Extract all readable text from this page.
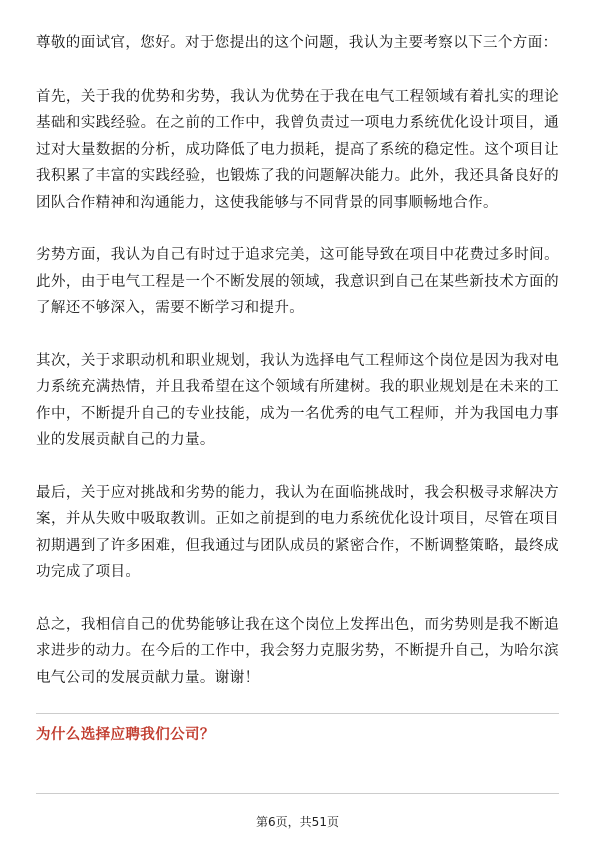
尊敬的面试官，您好。对于您提出的这个问题，我认为主要考察以下三个方面：

首先，关于我的优势和劣势，我认为优势在于我在电气工程领域有着扎实的理论基础和实践经验。在之前的工作中，我曾负责过一项电力系统优化设计项目，通过对大量数据的分析，成功降低了电力损耗，提高了系统的稳定性。这个项目让我积累了丰富的实践经验，也锻炼了我的问题解决能力。此外，我还具备良好的团队合作精神和沟通能力，这使我能够与不同背景的同事顺畅地合作。

劣势方面，我认为自己有时过于追求完美，这可能导致在项目中花费过多时间。此外，由于电气工程是一个不断发展的领域，我意识到自己在某些新技术方面的了解还不够深入，需要不断学习和提升。

其次，关于求职动机和职业规划，我认为选择电气工程师这个岗位是因为我对电力系统充满热情，并且我希望在这个领域有所建树。我的职业规划是在未来的工作中，不断提升自己的专业技能，成为一名优秀的电气工程师，并为我国电力事业的发展贡献自己的力量。

最后，关于应对挑战和劣势的能力，我认为在面临挑战时，我会积极寻求解决方案，并从失败中吸取教训。正如之前提到的电力系统优化设计项目，尽管在项目初期遇到了许多困难，但我通过与团队成员的紧密合作，不断调整策略，最终成功完成了项目。

总之，我相信自己的优势能够让我在这个岗位上发挥出色，而劣势则是我不断追求进步的动力。在今后的工作中，我会努力克服劣势，不断提升自己，为哈尔滨电气公司的发展贡献力量。谢谢！

为什么选择应聘我们公司？

第6页，共51页
